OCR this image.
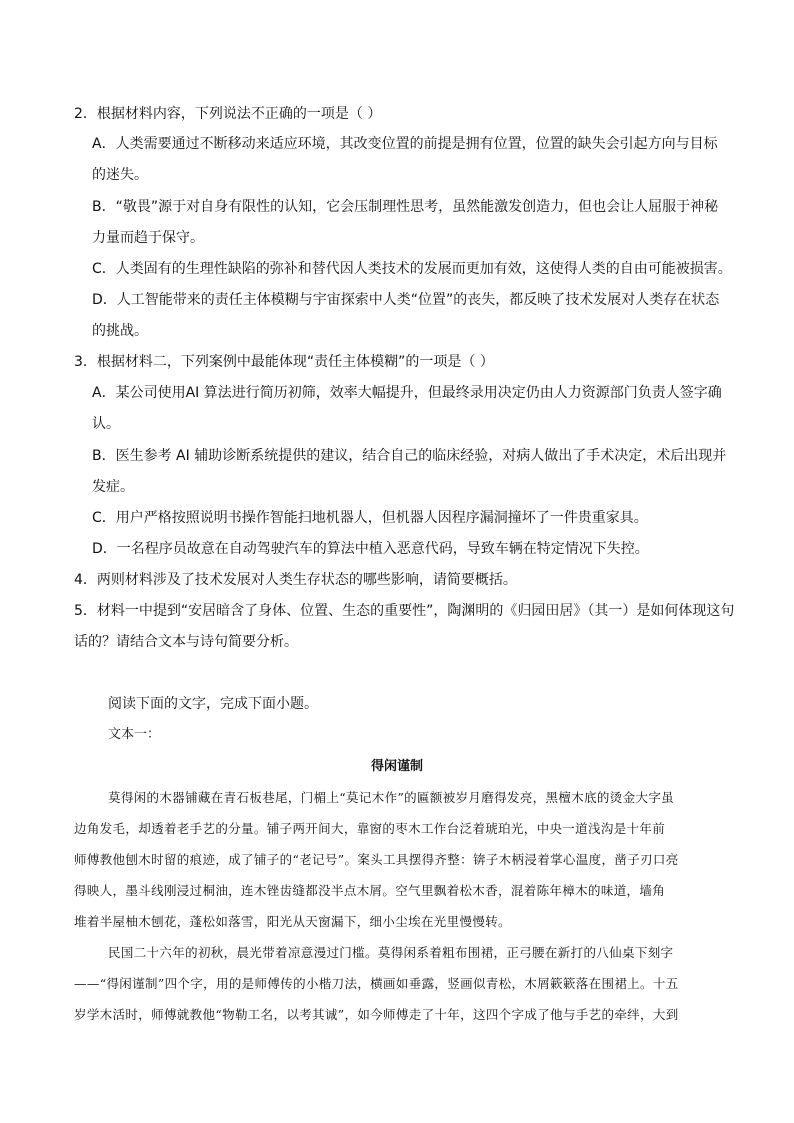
2．根据材料内容，下列说法不正确的一项是（ ）
A．人类需要通过不断移动来适应环境，其改变位置的前提是拥有位置，位置的缺失会引起方向与目标
的迷失。
B．“敬畏”源于对自身有限性的认知，它会压制理性思考，虽然能激发创造力，但也会让人屈服于神秘
力量而趋于保守。
C．人类固有的生理性缺陷的弥补和替代因人类技术的发展而更加有效，这使得人类的自由可能被损害。
D．人工智能带来的责任主体模糊与宇宙探索中人类“位置”的丧失，都反映了技术发展对人类存在状态
的挑战。
3．根据材料二，下列案例中最能体现“责任主体模糊”的一项是（ ）
A．某公司使用AI 算法进行简历初筛，效率大幅提升，但最终录用决定仍由人力资源部门负责人签字确
认。
B．医生参考 AI 辅助诊断系统提供的建议，结合自己的临床经验，对病人做出了手术决定，术后出现并
发症。
C．用户严格按照说明书操作智能扫地机器人，但机器人因程序漏洞撞坏了一件贵重家具。
D．一名程序员故意在自动驾驶汽车的算法中植入恶意代码，导致车辆在特定情况下失控。
4．两则材料涉及了技术发展对人类生存状态的哪些影响，请简要概括。
5．材料一中提到“安居暗含了身体、位置、生态的重要性”，陶渊明的《归园田居》（其一）是如何体现这句
话的？请结合文本与诗句简要分析。
阅读下面的文字，完成下面小题。
文本一：
得闲谨制
莫得闲的木器铺藏在青石板巷尾，门楣上“莫记木作”的匾额被岁月磨得发亮，黑檀木底的烫金大字虽
边角发毛，却透着老手艺的分量。铺子两开间大，靠窗的枣木工作台泛着琥珀光，中央一道浅沟是十年前
师傅教他刨木时留的痕迹，成了铺子的“老记号”。案头工具摆得齐整：锛子木柄浸着掌心温度，凿子刃口亮
得映人，墨斗线刚浸过桐油，连木锉齿缝都没半点木屑。空气里飘着松木香，混着陈年樟木的味道，墙角
堆着半屋柚木刨花，蓬松如落雪，阳光从天窗漏下，细小尘埃在光里慢慢转。
民国二十六年的初秋，晨光带着凉意漫过门槛。莫得闲系着粗布围裙，正弓腰在新打的八仙桌下刻字
——“得闲谨制”四个字，用的是师傅传的小楷刀法，横画如垂露，竖画似青松，木屑簌簌落在围裙上。十五
岁学木活时，师傅就教他“物勒工名，以考其诚”，如今师傅走了十年，这四个字成了他与手艺的牵绊，大到
